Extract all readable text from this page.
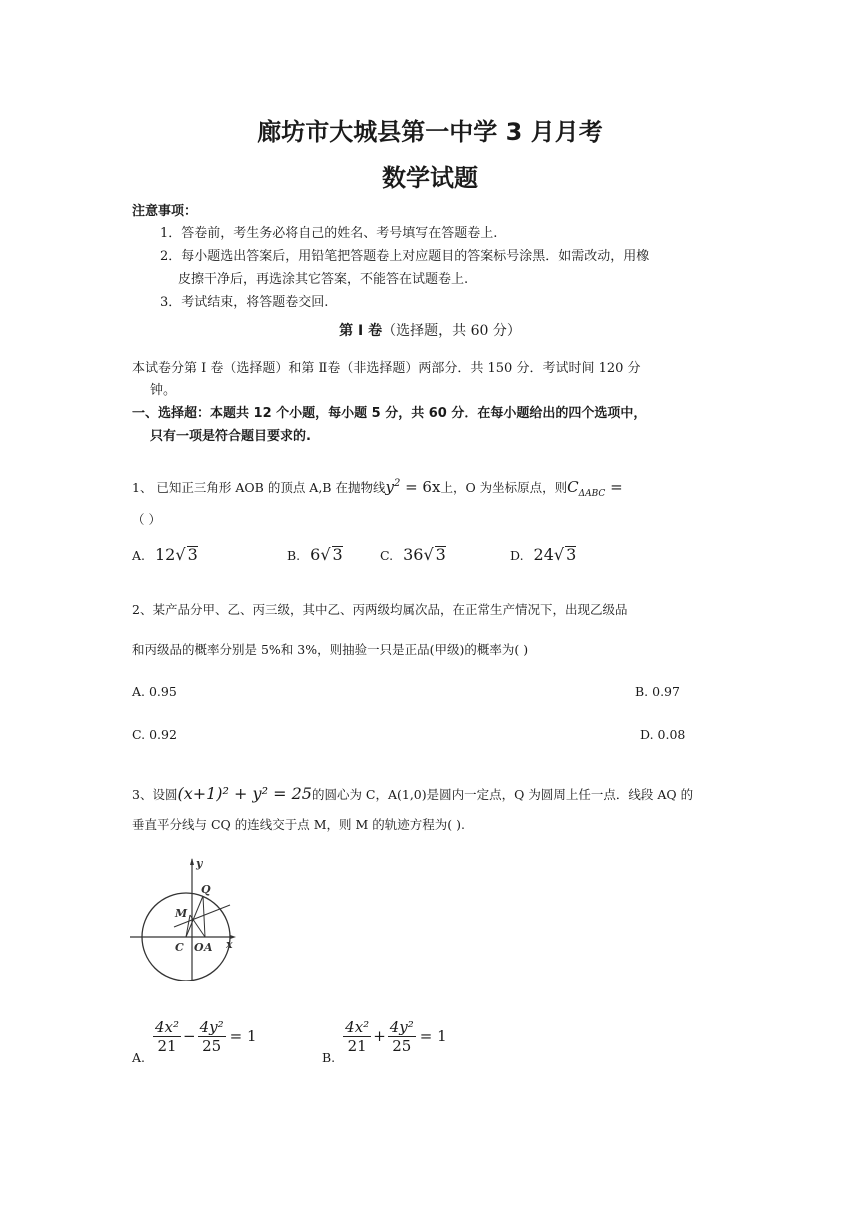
廊坊市大城县第一中学 3 月月考
数学试题
注意事项：
1．答卷前，考生务必将自己的姓名、考号填写在答题卷上.
2．每小题选出答案后，用铅笔把答题卷上对应题目的答案标号涂黑．如需改动，用橡
皮擦干净后，再选涂其它答案，不能答在试题卷上.
3．考试结束，将答题卷交回.
第 Ⅰ 卷（选择题，共 60 分）
本试卷分第 Ⅰ 卷（选择题）和第 Ⅱ卷（非选择题）两部分．共 150 分．考试时间 120 分
钟。
一、选择超：本题共 12 个小题，每小题 5 分，共 60 分．在每小题给出的四个选项中，
只有一项是符合题目要求的.
1、 已知正三角形 AOB 的顶点 A,B 在抛物线$y^2 = 6x$上，O 为坐标原点，则$C_{\Delta ABC}$ =
（ ）
A. 12√ 3	B. 6√ 3	C. 36√ 3	D. 24√ 3
2、某产品分甲、乙、丙三级，其中乙、丙两级均属次品，在正常生产情况下，出现乙级品
和丙级品的概率分别是 5%和 3%，则抽验一只是正品(甲级)的概率为( )
A. 0.95	B. 0.97
C. 0.92	D. 0.08
3、设圆(x+1)² + y² = 25的圆心为 C，A(1,0)是圆内一定点，Q 为圆周上任一点．线段 AQ 的
垂直平分线与 CQ 的连线交于点 M，则 M 的轨迹方程为( ).
y
x
Q
M
C O A
A.
$\frac{\text{4x²}}{21} - \frac{\text{4y²}}{25} = 1$
B.
$\frac{\text{4x²}}{21} + \frac{\text{4y²}}{25} = 1$
